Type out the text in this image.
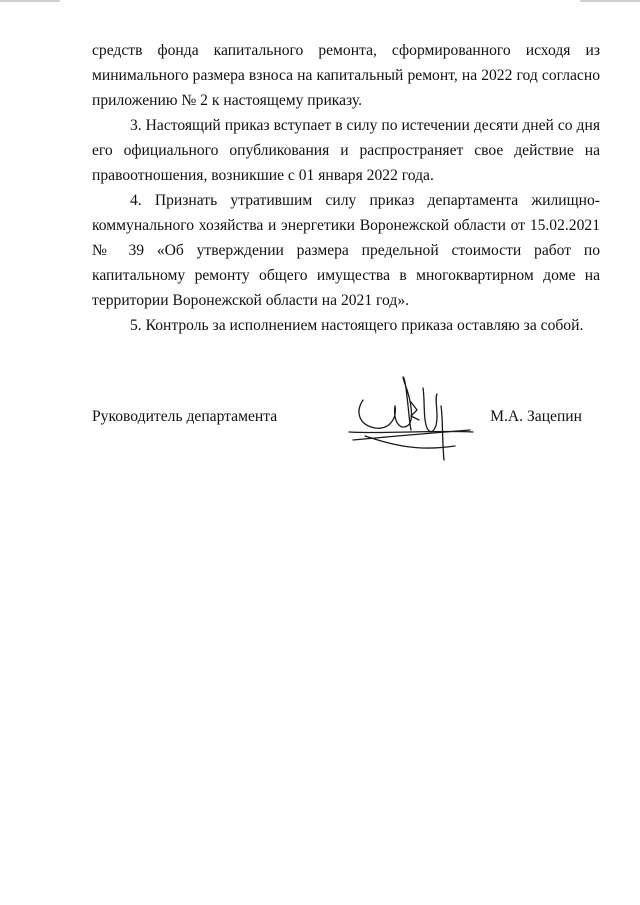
средств фонда капитального ремонта, сформированного исходя из минимального размера взноса на капитальный ремонт, на 2022 год согласно приложению № 2 к настоящему приказу.

3. Настоящий приказ вступает в силу по истечении десяти дней со дня его официального опубликования и распространяет свое действие на правоотношения, возникшие с 01 января 2022 года.

4. Признать утратившим силу приказ департамента жилищно-коммунального хозяйства и энергетики Воронежской области от 15.02.2021 № 39 «Об утверждении размера предельной стоимости работ по капитальному ремонту общего имущества в многоквартирном доме на территории Воронежской области на 2021 год».

5. Контроль за исполнением настоящего приказа оставляю за собой.

Руководитель департамента	М.А. Зацепин
